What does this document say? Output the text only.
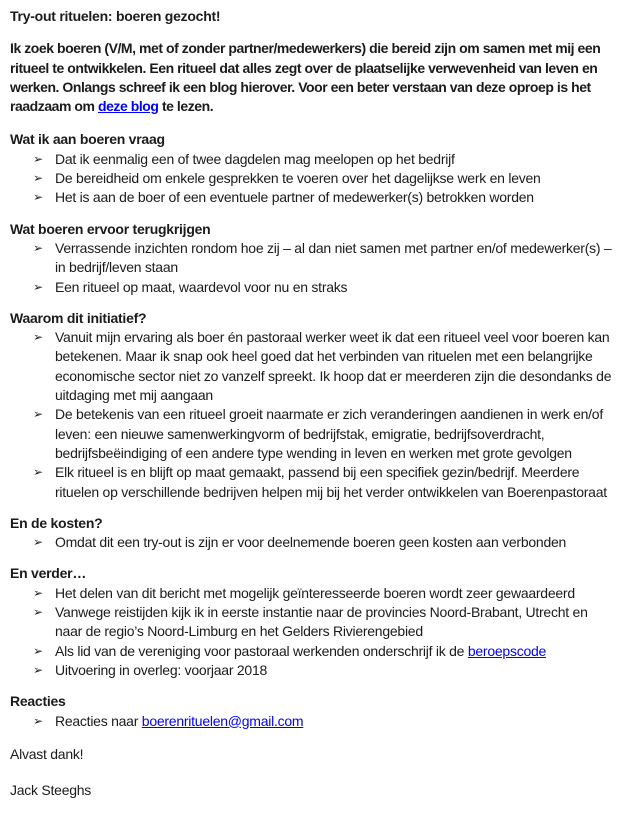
Try-out rituelen: boeren gezocht!

Ik zoek boeren (V/M, met of zonder partner/medewerkers) die bereid zijn om samen met mij een ritueel te ontwikkelen. Een ritueel dat alles zegt over de plaatselijke verwevenheid van leven en werken. Onlangs schreef ik een blog hierover. Voor een beter verstaan van deze oproep is het raadzaam om deze blog te lezen.

Wat ik aan boeren vraag

➢ Dat ik eenmalig een of twee dagdelen mag meelopen op het bedrijf
➢ De bereidheid om enkele gesprekken te voeren over het dagelijkse werk en leven
➢ Het is aan de boer of een eventuele partner of medewerker(s) betrokken worden

Wat boeren ervoor terugkrijgen

➢ Verrassende inzichten rondom hoe zij – al dan niet samen met partner en/of medewerker(s) – in bedrijf/leven staan
➢ Een ritueel op maat, waardevol voor nu en straks

Waarom dit initiatief?

➢ Vanuit mijn ervaring als boer én pastoraal werker weet ik dat een ritueel veel voor boeren kan betekenen. Maar ik snap ook heel goed dat het verbinden van rituelen met een belangrijke economische sector niet zo vanzelf spreekt. Ik hoop dat er meerderen zijn die desondanks de uitdaging met mij aangaan
➢ De betekenis van een ritueel groeit naarmate er zich veranderingen aandienen in werk en/of leven: een nieuwe samenwerkingvorm of bedrijfstak, emigratie, bedrijfsoverdracht, bedrijfsbeëindiging of een andere type wending in leven en werken met grote gevolgen
➢ Elk ritueel is en blijft op maat gemaakt, passend bij een specifiek gezin/bedrijf. Meerdere rituelen op verschillende bedrijven helpen mij bij het verder ontwikkelen van Boerenpastoraat

En de kosten?

➢ Omdat dit een try-out is zijn er voor deelnemende boeren geen kosten aan verbonden

En verder…

➢ Het delen van dit bericht met mogelijk geïnteresseerde boeren wordt zeer gewaardeerd
➢ Vanwege reistijden kijk ik in eerste instantie naar de provincies Noord-Brabant, Utrecht en naar de regio’s Noord-Limburg en het Gelders Rivierengebied
➢ Als lid van de vereniging voor pastoraal werkenden onderschrijf ik de beroepscode
➢ Uitvoering in overleg: voorjaar 2018

Reacties

➢ Reacties naar boerenrituelen@gmail.com

Alvast dank!

Jack Steeghs
